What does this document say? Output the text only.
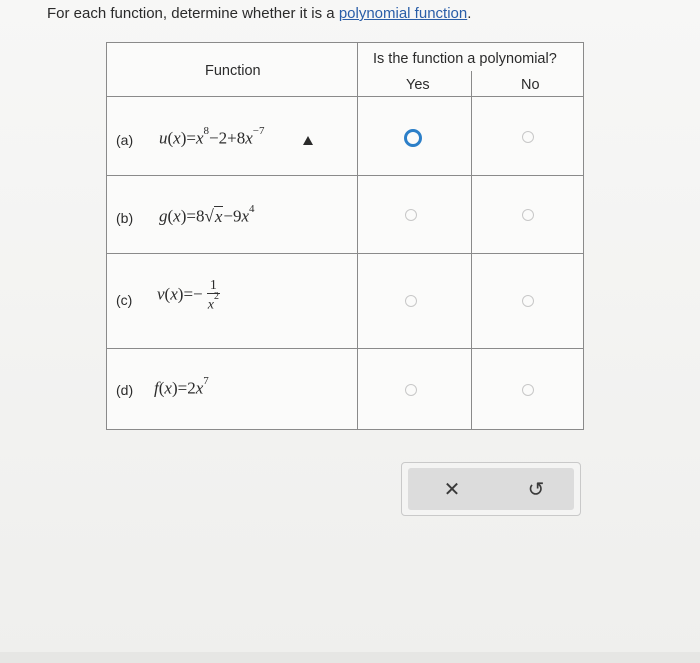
For each function, determine whether it is a polynomial function.
Function
Is the function a polynomial?
Yes	No
(a) $u(x)=x^8-2+8x^{-7}$
(b) $g(x)=8√x-9x^4$
(c) $v(x)=- \frac{1}{x^2}$
(d) $f(x)=2x^7$
✕	↺
